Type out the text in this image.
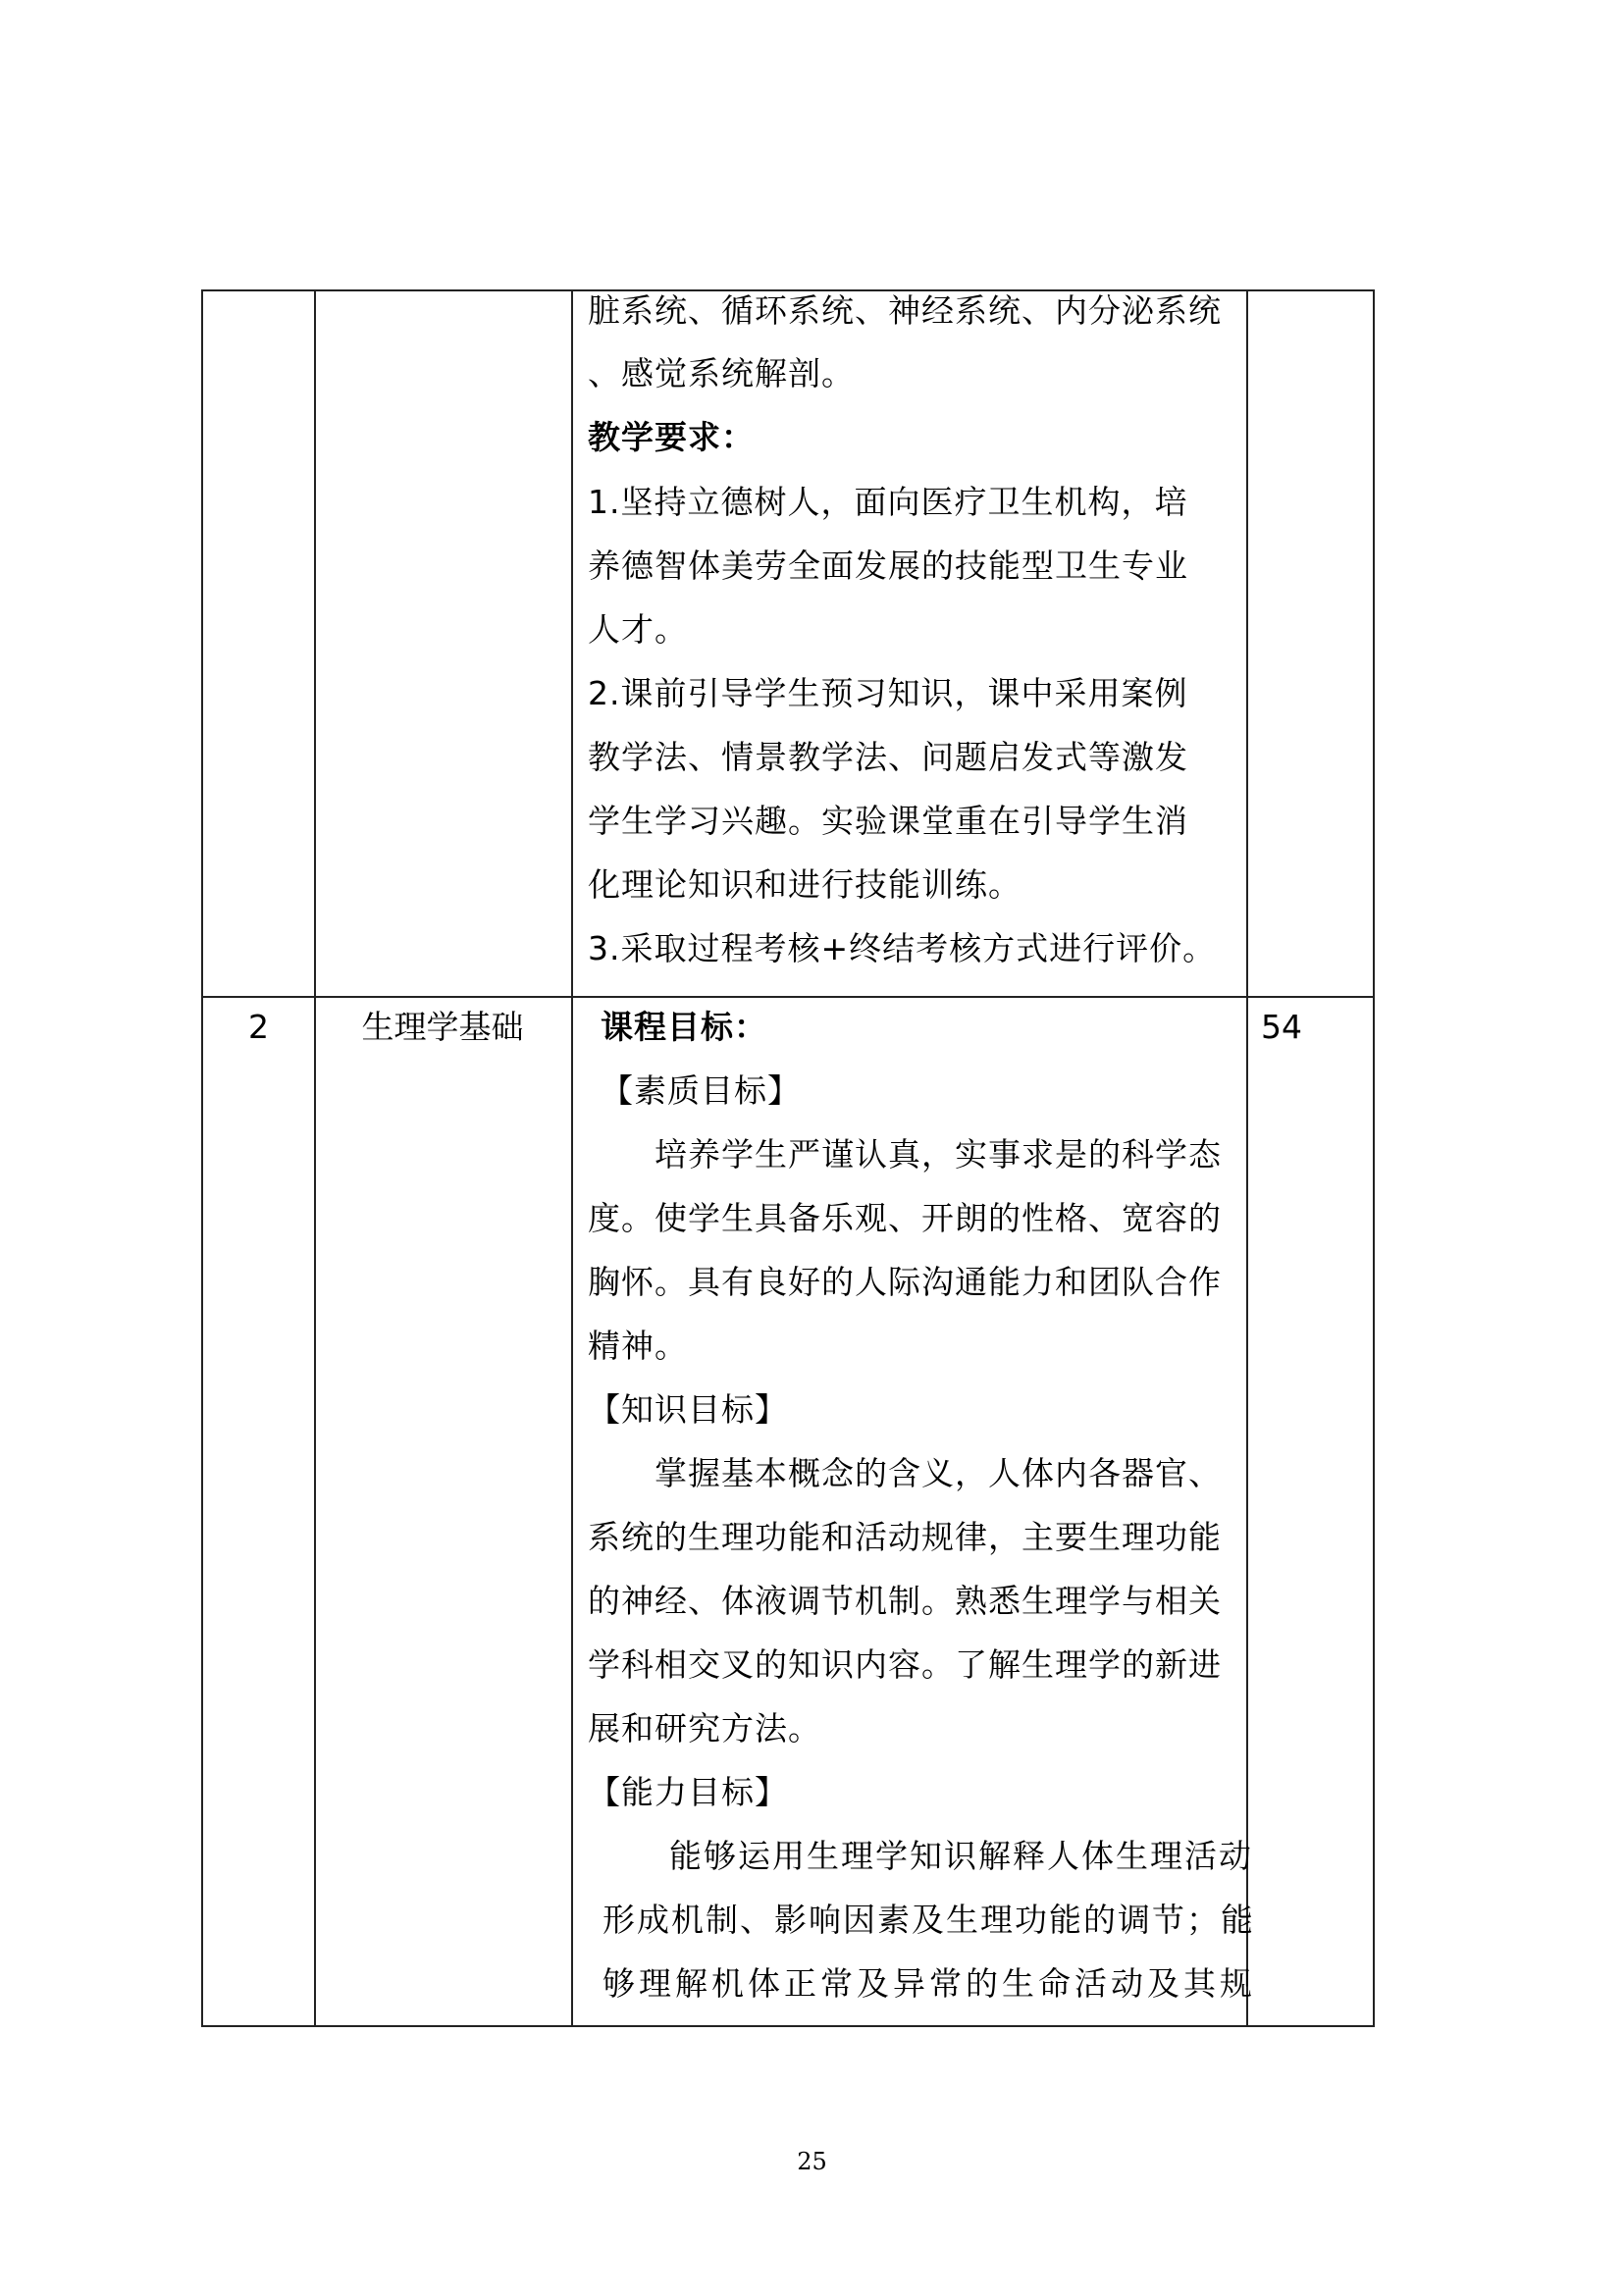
脏系统、循环系统、神经系统、内分泌系统
、感觉系统解剖。
教学要求：
1.坚持立德树人，面向医疗卫生机构，培
养德智体美劳全面发展的技能型卫生专业
人才。
2.课前引导学生预习知识，课中采用案例
教学法、情景教学法、问题启发式等激发
学生学习兴趣。实验课堂重在引导学生消
化理论知识和进行技能训练。
3.采取过程考核+终结考核方式进行评价。
2	生理学基础	54
课程目标：
【素质目标】
培养学生严谨认真，实事求是的科学态
度。使学生具备乐观、开朗的性格、宽容的
胸怀。具有良好的人际沟通能力和团队合作
精神。
【知识目标】
掌握基本概念的含义，人体内各器官、
系统的生理功能和活动规律，主要生理功能
的神经、体液调节机制。熟悉生理学与相关
学科相交叉的知识内容。了解生理学的新进
展和研究方法。
【能力目标】
能够运用生理学知识解释人体生理活动
形成机制、影响因素及生理功能的调节；能
够理解机体正常及异常的生命活动及其规
25
